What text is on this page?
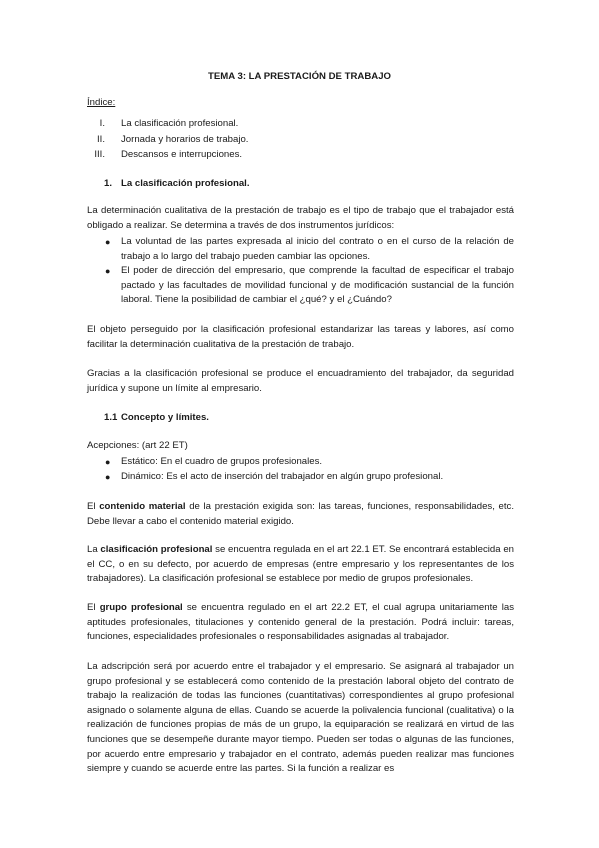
TEMA 3: LA PRESTACIÓN DE TRABAJO
Índice:
I. La clasificación profesional.
II. Jornada y horarios de trabajo.
III. Descansos e interrupciones.
1. La clasificación profesional.

La determinación cualitativa de la prestación de trabajo es el tipo de trabajo que el trabajador está obligado a realizar. Se determina a través de dos instrumentos jurídicos:

● La voluntad de las partes expresada al inicio del contrato o en el curso de la relación de trabajo a lo largo del trabajo pueden cambiar las opciones.
● El poder de dirección del empresario, que comprende la facultad de especificar el trabajo pactado y las facultades de movilidad funcional y de modificación sustancial de la función laboral. Tiene la posibilidad de cambiar el ¿qué? y el ¿Cuándo?

El objeto perseguido por la clasificación profesional estandarizar las tareas y labores, así como facilitar la determinación cualitativa de la prestación de trabajo.

Gracias a la clasificación profesional se produce el encuadramiento del trabajador, da seguridad jurídica y supone un límite al empresario.

1.1 Concepto y límites.
Acepciones: (art 22 ET)
● Estático: En el cuadro de grupos profesionales.
● Dinámico: Es el acto de inserción del trabajador en algún grupo profesional.

El contenido material de la prestación exigida son: las tareas, funciones, responsabilidades, etc. Debe llevar a cabo el contenido material exigido.

La clasificación profesional se encuentra regulada en el art 22.1 ET. Se encontrará establecida en el CC, o en su defecto, por acuerdo de empresas (entre empresario y los representantes de los trabajadores). La clasificación profesional se establece por medio de grupos profesionales.

El grupo profesional se encuentra regulado en el art 22.2 ET, el cual agrupa unitariamente las aptitudes profesionales, titulaciones y contenido general de la prestación. Podrá incluir: tareas, funciones, especialidades profesionales o responsabilidades asignadas al trabajador.

La adscripción será por acuerdo entre el trabajador y el empresario. Se asignará al trabajador un grupo profesional y se establecerá como contenido de la prestación laboral objeto del contrato de trabajo la realización de todas las funciones (cuantitativas) correspondientes al grupo profesional asignado o solamente alguna de ellas. Cuando se acuerde la polivalencia funcional (cualitativa) o la realización de funciones propias de más de un grupo, la equiparación se realizará en virtud de las funciones que se desempeñe durante mayor tiempo. Pueden ser todas o algunas de las funciones, por acuerdo entre empresario y trabajador en el contrato, además pueden realizar mas funciones siempre y cuando se acuerde entre las partes. Si la función a realizar es
